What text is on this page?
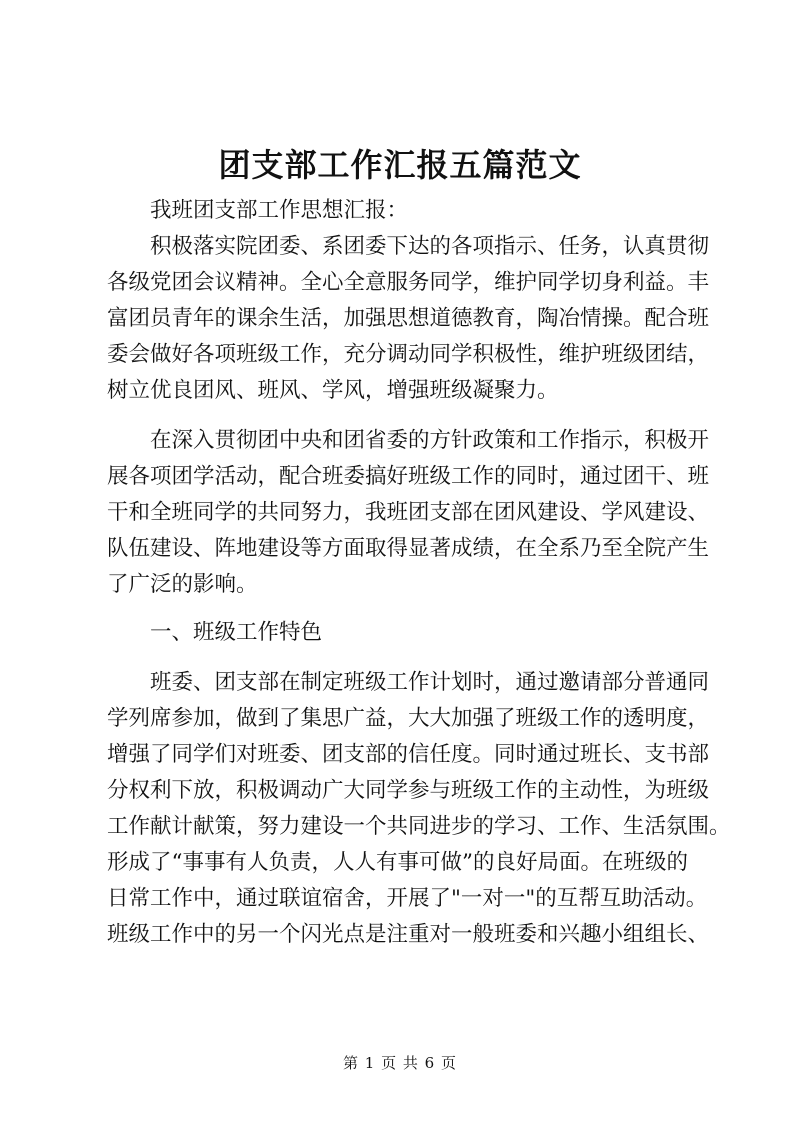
团支部工作汇报五篇范文
我班团支部工作思想汇报：
积极落实院团委、系团委下达的各项指示、任务，认真贯彻
各级党团会议精神。全心全意服务同学，维护同学切身利益。丰
富团员青年的课余生活，加强思想道德教育，陶冶情操。配合班
委会做好各项班级工作，充分调动同学积极性，维护班级团结，
树立优良团风、班风、学风，增强班级凝聚力。
在深入贯彻团中央和团省委的方针政策和工作指示，积极开
展各项团学活动，配合班委搞好班级工作的同时，通过团干、班
干和全班同学的共同努力，我班团支部在团风建设、学风建设、
队伍建设、阵地建设等方面取得显著成绩，在全系乃至全院产生
了广泛的影响。
一、班级工作特色
班委、团支部在制定班级工作计划时，通过邀请部分普通同
学列席参加，做到了集思广益，大大加强了班级工作的透明度，
增强了同学们对班委、团支部的信任度。同时通过班长、支书部
分权利下放，积极调动广大同学参与班级工作的主动性，为班级
工作献计献策，努力建设一个共同进步的学习、工作、生活氛围。
形成了“事事有人负责，人人有事可做”的良好局面。在班级的
日常工作中，通过联谊宿舍，开展了"一对一"的互帮互助活动。
班级工作中的另一个闪光点是注重对一般班委和兴趣小组组长、
第 1 页 共 6 页
